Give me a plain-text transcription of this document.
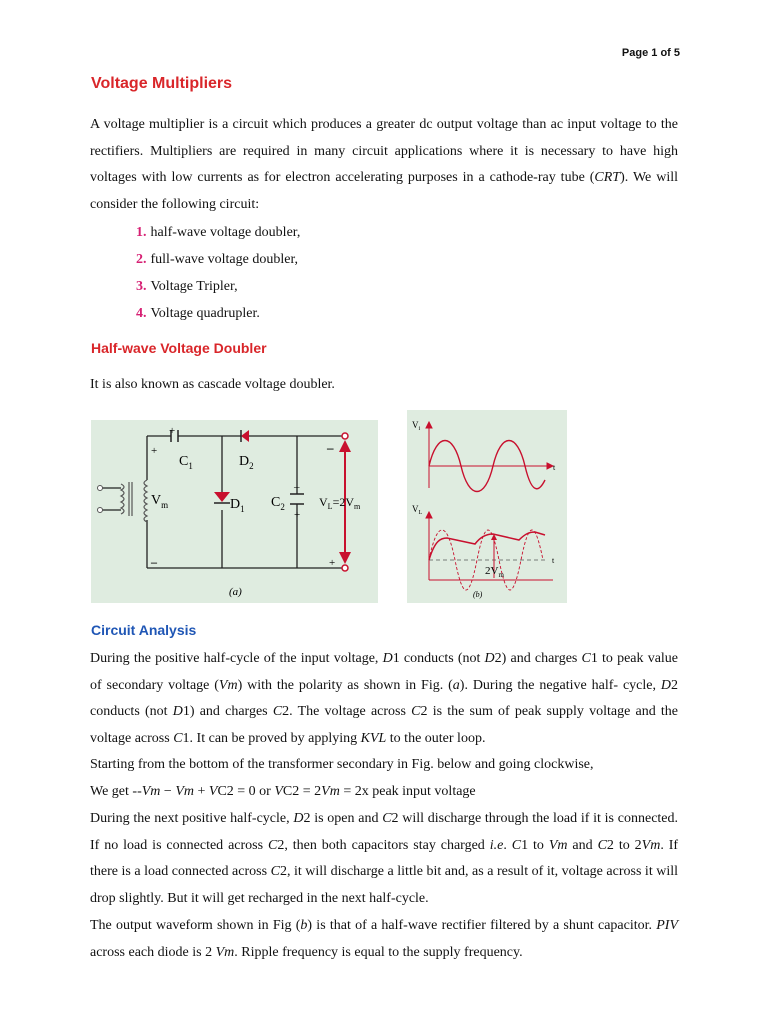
Page 1 of 5
Voltage Multipliers

A voltage multiplier is a circuit which produces a greater dc output voltage than ac input voltage to the rectifiers. Multipliers are required in many circuit applications where it is necessary to have high voltages with low currents as for electron accelerating purposes in a cathode-ray tube (CRT). We will consider the following circuit:

1. half-wave voltage doubler,
2. full-wave voltage doubler,
3. Voltage Tripler,
4. Voltage quadrupler.
Half-wave Voltage Doubler
It is also known as cascade voltage doubler.
+
$C_1$	$D_2$
$V_m$	$D_1$ $C_2$
–
+
$V_L=2V_m$
+
–
–
+
(a)
$V_i$
t
$V_L$
t
$2V_m$
(b)
Circuit Analysis

During the positive half-cycle of the input voltage, D1 conducts (not D2) and charges C1 to peak value of secondary voltage (Vm) with the polarity as shown in Fig. (a). During the negative half- cycle, D2 conducts (not D1) and charges C2. The voltage across C2 is the sum of peak supply voltage and the voltage across C1. It can be proved by applying KVL to the outer loop.

Starting from the bottom of the transformer secondary in Fig. below and going clockwise,
We get --Vm − Vm + VC2 = 0 or VC2 = 2Vm = 2x peak input voltage

During the next positive half-cycle, D2 is open and C2 will discharge through the load if it is connected. If no load is connected across C2, then both capacitors stay charged i.e. C1 to Vm and C2 to 2Vm. If there is a load connected across C2, it will discharge a little bit and, as a result of it, voltage across it will drop slightly. But it will get recharged in the next half-cycle.

The output waveform shown in Fig (b) is that of a half-wave rectifier filtered by a shunt capacitor. PIV across each diode is 2 Vm. Ripple frequency is equal to the supply frequency.
